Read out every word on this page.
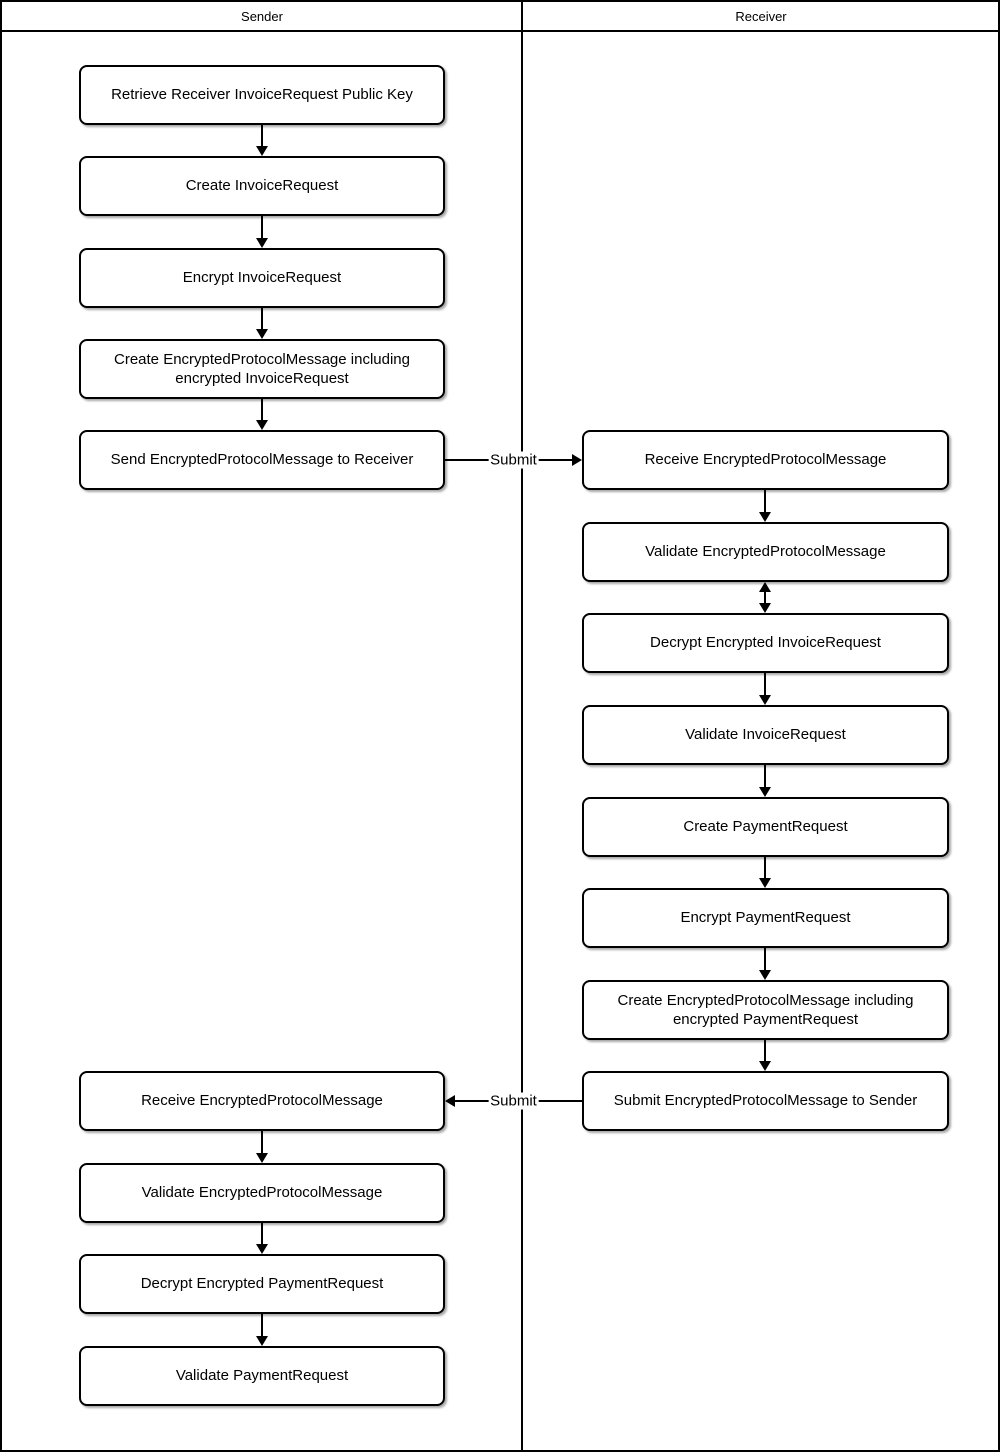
Sender	Receiver
Retrieve Receiver InvoiceRequest Public Key
Create InvoiceRequest
Encrypt InvoiceRequest
Create EncryptedProtocolMessage including encrypted InvoiceRequest
Send EncryptedProtocolMessage to Receiver	Receive EncryptedProtocolMessage
Validate EncryptedProtocolMessage
Decrypt Encrypted InvoiceRequest
Validate InvoiceRequest
Create PaymentRequest
Encrypt PaymentRequest
Create EncryptedProtocolMessage including encrypted PaymentRequest
Submit EncryptedProtocolMessage to Sender
Receive EncryptedProtocolMessage
Validate EncryptedProtocolMessage
Decrypt Encrypted PaymentRequest
Validate PaymentRequest
Submit
Submit
